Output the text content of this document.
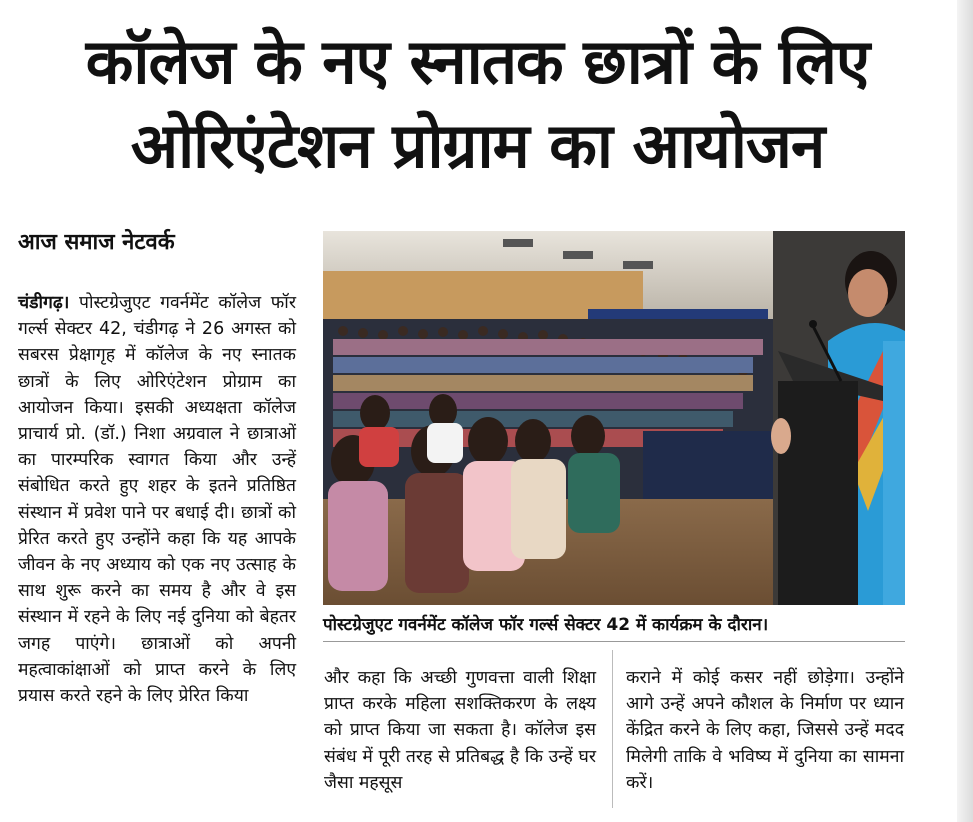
कॉलेज के नए स्नातक छात्रों के लिए
ओरिएंटेशन प्रोग्राम का आयोजन
आज समाज नेटवर्क
चंडीगढ़। पोस्टग्रेजुएट गवर्नमेंट कॉलेज फॉर गर्ल्स सेक्टर 42, चंडीगढ़ ने 26 अगस्त को सबरस प्रेक्षागृह में कॉलेज के नए स्नातक छात्रों के लिए ओरिएंटेशन प्रोग्राम का आयोजन किया। इसकी अध्यक्षता कॉलेज प्राचार्य प्रो. (डॉ.) निशा अग्रवाल ने छात्राओं का पारम्परिक स्वागत किया और उन्हें संबोधित करते हुए शहर के इतने प्रतिष्ठित संस्थान में प्रवेश पाने पर बधाई दी। छात्रों को प्रेरित करते हुए उन्होंने कहा कि यह आपके जीवन के नए अध्याय को एक नए उत्साह के साथ शुरू करने का समय है और वे इस संस्थान में रहने के लिए नई दुनिया को बेहतर जगह पाएंगे। छात्राओं को अपनी महत्वाकांक्षाओं को प्राप्त करने के लिए प्रयास करते रहने के लिए प्रेरित किया
पोस्टग्रेजुएट गवर्नमेंट कॉलेज फॉर गर्ल्स सेक्टर 42 में कार्यक्रम के दौरान।
और कहा कि अच्छी गुणवत्ता वाली शिक्षा प्राप्त करके महिला सशक्तिकरण के लक्ष्य को प्राप्त किया जा सकता है। कॉलेज इस संबंध में पूरी तरह से प्रतिबद्ध है कि उन्हें घर जैसा महसूस
कराने में कोई कसर नहीं छोड़ेगा। उन्होंने आगे उन्हें अपने कौशल के निर्माण पर ध्यान केंद्रित करने के लिए कहा, जिससे उन्हें मदद मिलेगी ताकि वे भविष्य में दुनिया का सामना करें।
